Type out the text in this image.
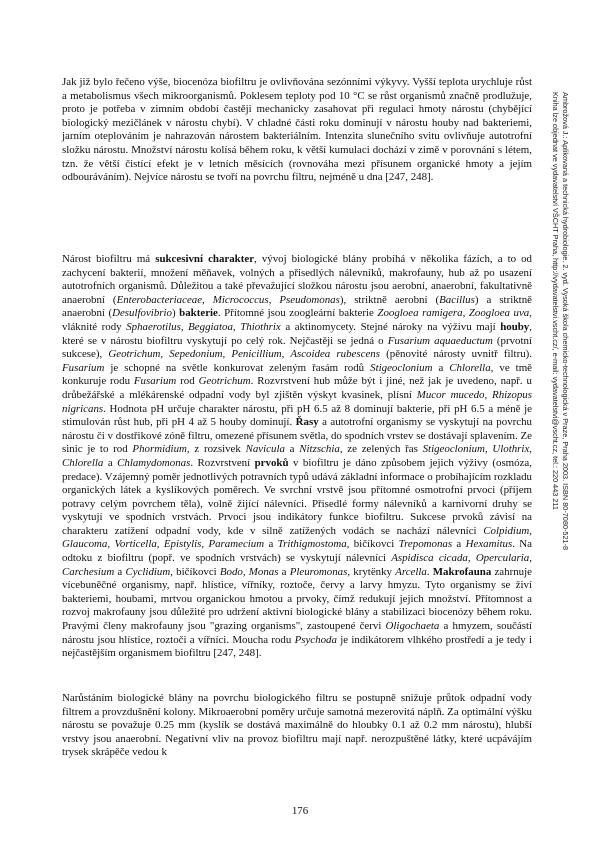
Jak již bylo řečeno výše, biocenóza biofiltru je ovlivňována sezónními výkyvy. Vyšší teplota urychluje růst a metabolismus všech mikroorganismů. Poklesem teploty pod 10 °C se růst organismů značně prodlužuje, proto je potřeba v zimním období častěji mechanicky zasahovat při regulaci hmoty nárostu (chybějící biologický mezičlánek v nárostu chybí). V chladné části roku dominují v nárostu houby nad bakteriemi, jarním oteplováním je nahrazován nárostem bakteriálním. Intenzita slunečního svitu ovlivňuje autotrofní složku nárostu. Množství nárostu kolísá během roku, k větší kumulaci dochází v zimě v porovnání s létem, tzn. že větší čistící efekt je v letních měsících (rovnováha mezi přísunem organické hmoty a jejím odbouráváním). Nejvíce nárostu se tvoří na povrchu filtru, nejméně u dna [247, 248].

Nárost biofiltru má sukcesivní charakter, vývoj biologické blány probíhá v několika fázích, a to od zachycení bakterií, množení měňavek, volných a přisedlých nálevníků, makrofauny, hub až po usazení autotrofních organismů. Důležitou a také převažující složkou nárostu jsou aerobní, anaerobní, fakultativně anaerobní (Enterobacteriaceae, Micrococcus, Pseudomonas), striktně aerobní (Bacillus) a striktně anaerobní (Desulfovibrio) bakterie. Přítomné jsou zoogleární bakterie Zoogloea ramigera, Zoogloea uva, vláknité rody Sphaerotilus, Beggiatoa, Thiothrix a aktinomycety. Stejné nároky na výživu mají houby, které se v nárostu biofiltru vyskytují po celý rok. Nejčastěji se jedná o Fusarium aquaeductum (prvotní sukcese), Geotrichum, Sepedonium, Penicillium, Ascoidea rubescens (pěnovité nárosty uvnitř filtru). Fusarium je schopné na světle konkurovat zeleným řasám rodů Stigeoclonium a Chlorella, ve tmě konkuruje rodu Fusarium rod Geotrichum. Rozvrstvení hub může být i jiné, než jak je uvedeno, např. u drůbežářské a mlékárenské odpadní vody byl zjištěn výskyt kvasinek, plísní Mucor mucedo, Rhizopus nigricans. Hodnota pH určuje charakter nárostu, při pH 6.5 až 8 dominují bakterie, při pH 6.5 a méně je stimulován růst hub, při pH 4 až 5 houby dominují. Řasy a autotrofní organismy se vyskytují na povrchu nárostu či v dostřikové zóně filtru, omezené přísunem světla, do spodních vrstev se dostávají splavením. Ze sinic je to rod Phormidium, z rozsivek Navicula a Nitzschia, ze zelených řas Stigeoclonium, Ulothrix, Chlorella a Chlamydomonas. Rozvrstvení prvoků v biofiltru je dáno způsobem jejich výživy (osmóza, predace). Vzájemný poměr jednotlivých potravních typů udává základní informace o probíhajícím rozkladu organických látek a kyslíkových poměrech. Ve svrchní vrstvě jsou přítomné osmotrofní prvoci (příjem potravy celým povrchem těla), volně žijící nálevníci. Přisedlé formy nálevníků a karnivorní druhy se vyskytují ve spodních vrstvách. Prvoci jsou indikátory funkce biofiltru. Sukcese prvoků závisí na charakteru zatížení odpadní vody, kde v silně zatížených vodách se nachází nálevníci Colpidium, Glaucoma, Vorticella, Epistylis, Paramecium a Trithigmostoma, bičíkovci Trepomonas a Hexamitus. Na odtoku z biofiltru (popř. ve spodních vrstvách) se vyskytují nálevníci Aspidisca cicada, Opercularia, Carchesium a Cyclidium, bičíkovci Bodo, Monas a Pleuromonas, krytënky Arcella. Makrofauna zahrnuje vícebuněčné organismy, např. hlístice, vířníky, roztoče, červy a larvy hmyzu. Tyto organismy se živí bakteriemi, houbami, mrtvou organickou hmotou a prvoky, čímž redukují jejich množství. Přítomnost a rozvoj makrofauny jsou důležité pro udržení aktivní biologické blány a stabilizaci biocenózy během roku. Pravými členy makrofauny jsou "grazing organisms", zastoupené červi Oligochaeta a hmyzem, součástí nárostu jsou hlístice, roztoči a vířníci. Moucha rodu Psychoda je indikátorem vlhkého prostředí a je tedy i nejčastějším organismem biofiltru [247, 248].

Narůstáním biologické blány na povrchu biologického filtru se postupně snižuje průtok odpadní vody filtrem a provzdušnění kolony. Mikroaerobní poměry určuje samotná mezerovitá náplň. Za optimální výšku nárostu se považuje 0.25 mm (kyslík se dostává maximálně do hloubky 0.1 až 0.2 mm nárostu), hlubší vrstvy jsou anaerobní. Negativní vliv na provoz biofiltru mají např. nerozpuštěné látky, které ucpávájím trysek skrápěče vedou k

Ambrožová J.: Aplikovaná a technická hydrobiologie. 2. vyd. Vysoká škola chemicko-technologická v Praze, Praha 2003. ISBN 80-7080-521-8
Kniha lze objednat ve vydavatelství VŠCHT Praha, http://vydavatelstvi.vscht.cz/, e-mail: vydavatelstvi@vscht.cz, tel.: 220 443 211
176
